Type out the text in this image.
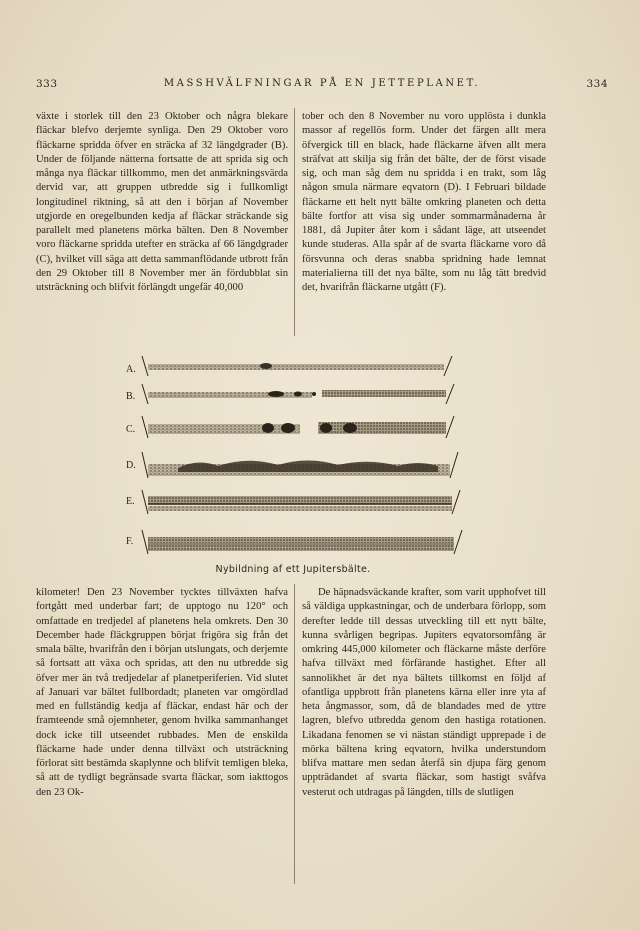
333	MASSHVÄLFNINGAR PÅ EN JETTEPLANET.	334

växte i storlek till den 23 Oktober och några blekare fläckar blefvo derjemte synliga. Den 29 Oktober voro fläckarne spridda öfver en sträcka af 32 längdgrader (B). Under de följande nätterna fortsatte de att sprida sig och många nya fläckar tillkommo, men det anmärkningsvärda dervid var, att gruppen utbredde sig i fullkomligt longitudinel riktning, så att den i början af November utgjorde en oregelbunden kedja af fläckar sträckande sig parallelt med planetens mörka bälten. Den 8 November voro fläckarne spridda utefter en sträcka af 66 längdgrader (C), hvilket vill säga att detta sammanflödande utbrott från den 29 Oktober till 8 November mer än fördubblat sin utsträckning och blifvit förlängdt ungefär 40,000

tober och den 8 November nu voro upplösta i dunkla massor af regellös form. Under det färgen allt mera öfvergick till en black, hade fläckarne äfven allt mera sträfvat att skilja sig från det bälte, der de först visade sig, och man såg dem nu spridda i en trakt, som låg någon smula närmare eqvatorn (D). I Februari bildade fläckarne ett helt nytt bälte omkring planeten och detta bälte fortfor att visa sig under sommarmånaderna år 1881, då Jupiter åter kom i sådant läge, att utseendet kunde studeras. Alla spår af de svarta fläckarne voro då försvunna och deras snabba spridning hade lemnat materialierna till det nya bälte, som nu låg tätt bredvid det, hvarifrån fläckarne utgått (F).

A.
B.
C.
D.
E.
F.
Nybildning af ett Jupitersbälte.

kilometer! Den 23 November tycktes tillväxten hafva fortgått med underbar fart; de upptogo nu 120° och omfattade en tredjedel af planetens hela omkrets. Den 30 December hade fläckgruppen börjat frigöra sig från det smala bälte, hvarifrån den i början utslungats, och derjemte så fortsatt att växa och spridas, att den nu utbredde sig öfver mer än två tredjedelar af planetperiferien. Vid slutet af Januari var bältet fullbordadt; planeten var omgördlad med en fullständig kedja af fläckar, endast här och der framteende små ojemnheter, genom hvilka sammanhanget dock icke till utseendet rubbades. Men de enskilda fläckarne hade under denna tillväxt och utsträckning förlorat sitt bestämda skaplynne och blifvit temligen bleka, så att de tydligt begränsade svarta fläckar, som iakttogos den 23 Ok-

De häpnadsväckande krafter, som varit upphofvet till så väldiga uppkastningar, och de underbara förlopp, som derefter ledde till dessas utveckling till ett nytt bälte, kunna svårligen begripas. Jupiters eqvatorsomfång är omkring 445,000 kilometer och fläckarne måste derföre hafva tillväxt med förfärande hastighet. Efter all sannolikhet är det nya bältets tillkomst en följd af ofantliga uppbrott från planetens kärna eller inre yta af heta ångmassor, som, då de blandades med de yttre lagren, blefvo utbredda genom den hastiga rotationen. Likadana fenomen se vi nästan ständigt upprepade i de mörka bältena kring eqvatorn, hvilka understundom blifva mattare men sedan återfå sin djupa färg genom uppträdandet af svarta fläckar, som hastigt svåfva vesterut och utdragas på längden, tills de slutligen
